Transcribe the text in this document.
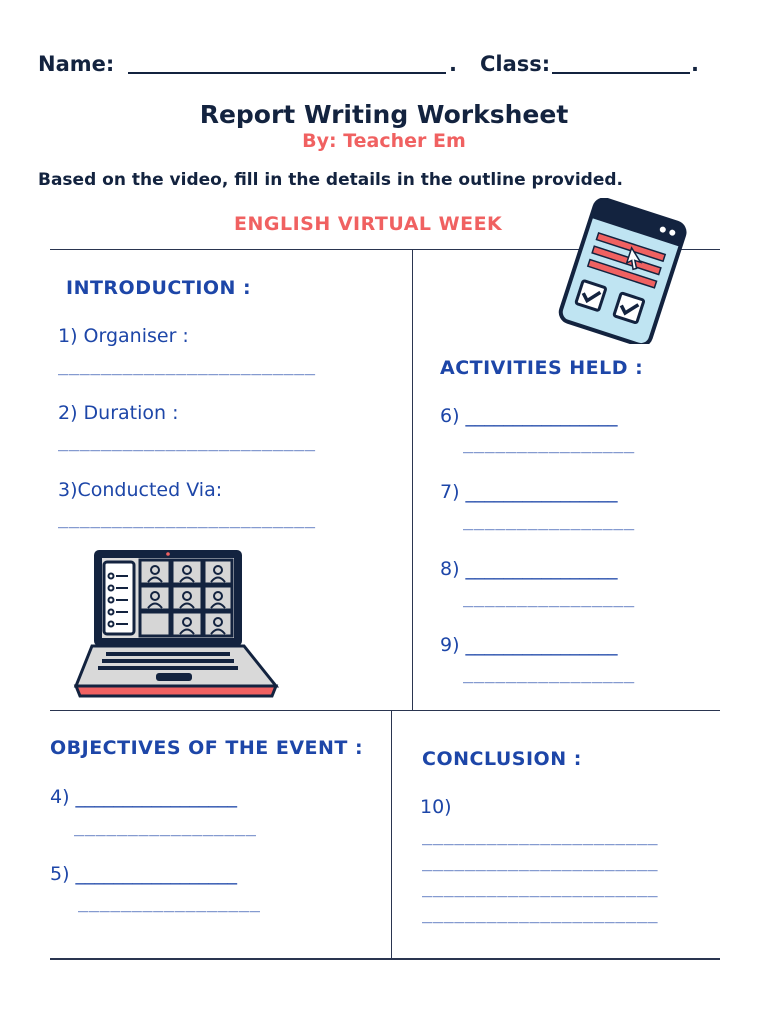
Name:	. Class:	.
Report Writing Worksheet
By: Teacher Em
Based on the video, fill in the details in the outline provided.
ENGLISH VIRTUAL WEEK
INTRODUCTION :
1) Organiser :
________________________
2) Duration :
________________________
3)Conducted Via:
________________________
ACTIVITIES HELD :
6) ________________
________________
7) ________________
________________
8) ________________
________________
9) ________________
________________
OBJECTIVES OF THE EVENT :
4) _________________
_________________
5) _________________
_________________
CONCLUSION :
10)
______________________
______________________
______________________
______________________
